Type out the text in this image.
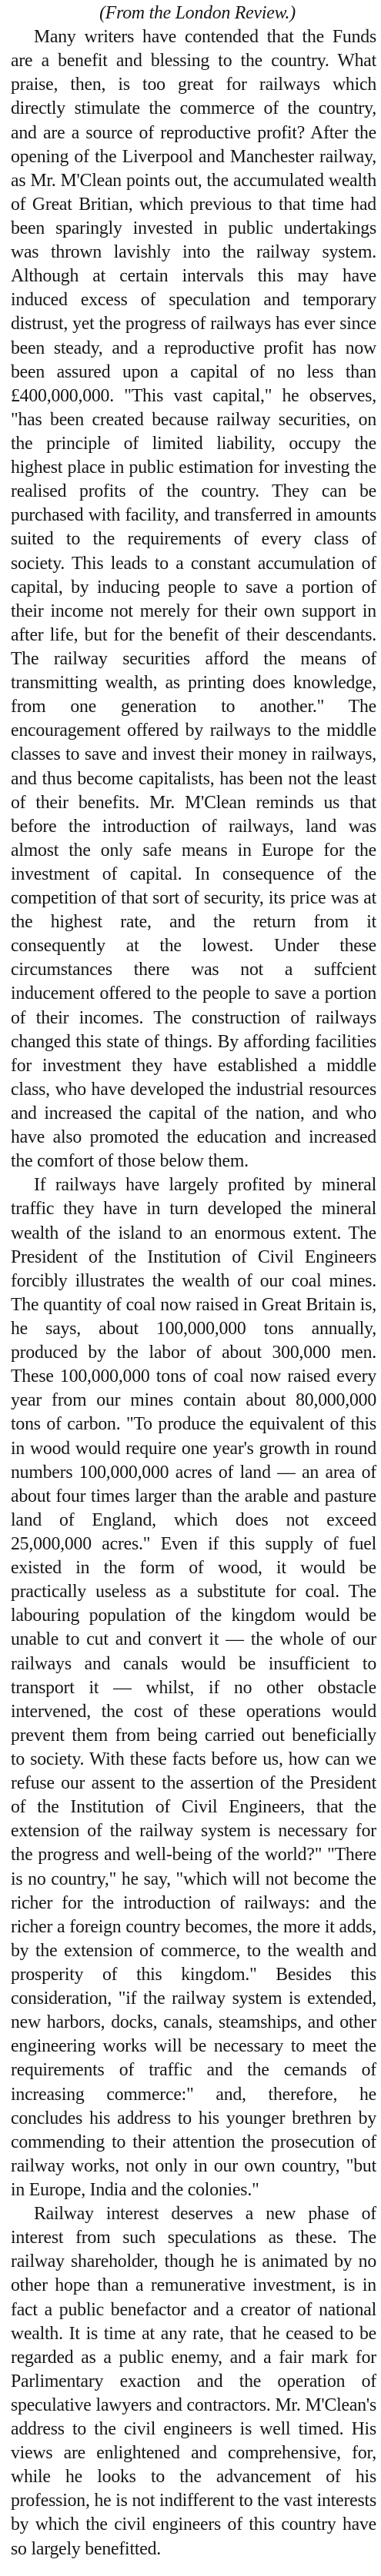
(From the London Review.)

Many writers have contended that the Funds are a benefit and blessing to the country. What praise, then, is too great for railways which directly stimulate the commerce of the country, and are a source of reproductive profit? After the opening of the Liverpool and Manchester railway, as Mr. M'Clean points out, the accumulated wealth of Great Britian, which previous to that time had been sparingly invested in public undertakings was thrown lavishly into the railway system. Although at certain intervals this may have induced excess of speculation and temporary distrust, yet the progress of railways has ever since been steady, and a reproductive profit has now been assured upon a capital of no less than £400,000,000. "This vast capital," he observes, "has been created because railway securities, on the principle of limited liability, occupy the highest place in public estimation for investing the realised profits of the country. They can be purchased with facility, and transferred in amounts suited to the requirements of every class of society. This leads to a constant accumulation of capital, by inducing people to save a portion of their income not merely for their own support in after life, but for the benefit of their descendants. The railway securities afford the means of transmitting wealth, as printing does knowledge, from one generation to another." The encouragement offered by railways to the middle classes to save and invest their money in railways, and thus become capitalists, has been not the least of their benefits. Mr. M'Clean reminds us that before the introduction of railways, land was almost the only safe means in Europe for the investment of capital. In consequence of the competition of that sort of security, its price was at the highest rate, and the return from it consequently at the lowest. Under these circumstances there was not a suffcient inducement offered to the people to save a portion of their incomes. The construction of railways changed this state of things. By affording facilities for investment they have established a middle class, who have developed the industrial resources and increased the capital of the nation, and who have also promoted the education and increased the comfort of those below them.

If railways have largely profited by mineral traffic they have in turn developed the mineral wealth of the island to an enormous extent. The President of the Institution of Civil Engineers forcibly illustrates the wealth of our coal mines. The quantity of coal now raised in Great Britain is, he says, about 100,000,000 tons annually, produced by the labor of about 300,000 men. These 100,000,000 tons of coal now raised every year from our mines contain about 80,000,000 tons of carbon. "To produce the equivalent of this in wood would require one year's growth in round numbers 100,000,000 acres of land — an area of about four times larger than the arable and pasture land of England, which does not exceed 25,000,000 acres." Even if this supply of fuel existed in the form of wood, it would be practically useless as a substitute for coal. The labouring population of the kingdom would be unable to cut and convert it — the whole of our railways and canals would be insufficient to transport it — whilst, if no other obstacle intervened, the cost of these operations would prevent them from being carried out beneficially to society. With these facts before us, how can we refuse our assent to the assertion of the President of the Institution of Civil Engineers, that the extension of the railway system is necessary for the progress and well-being of the world?" "There is no country," he say, "which will not become the richer for the introduction of railways: and the richer a foreign country becomes, the more it adds, by the extension of commerce, to the wealth and prosperity of this kingdom." Besides this consideration, "if the railway system is extended, new harbors, docks, canals, steamships, and other engineering works will be necessary to meet the requirements of traffic and the cemands of increasing commerce:" and, therefore, he concludes his address to his younger brethren by commending to their attention the prosecution of railway works, not only in our own country, "but in Europe, India and the colonies."

Railway interest deserves a new phase of interest from such speculations as these. The railway shareholder, though he is animated by no other hope than a remunerative investment, is in fact a public benefactor and a creator of national wealth. It is time at any rate, that he ceased to be regarded as a public enemy, and a fair mark for Parlimentary exaction and the operation of speculative lawyers and contractors. Mr. M'Clean's address to the civil engineers is well timed. His views are enlightened and comprehensive, for, while he looks to the advancement of his profession, he is not indifferent to the vast interests by which the civil engineers of this country have so largely benefitted.
